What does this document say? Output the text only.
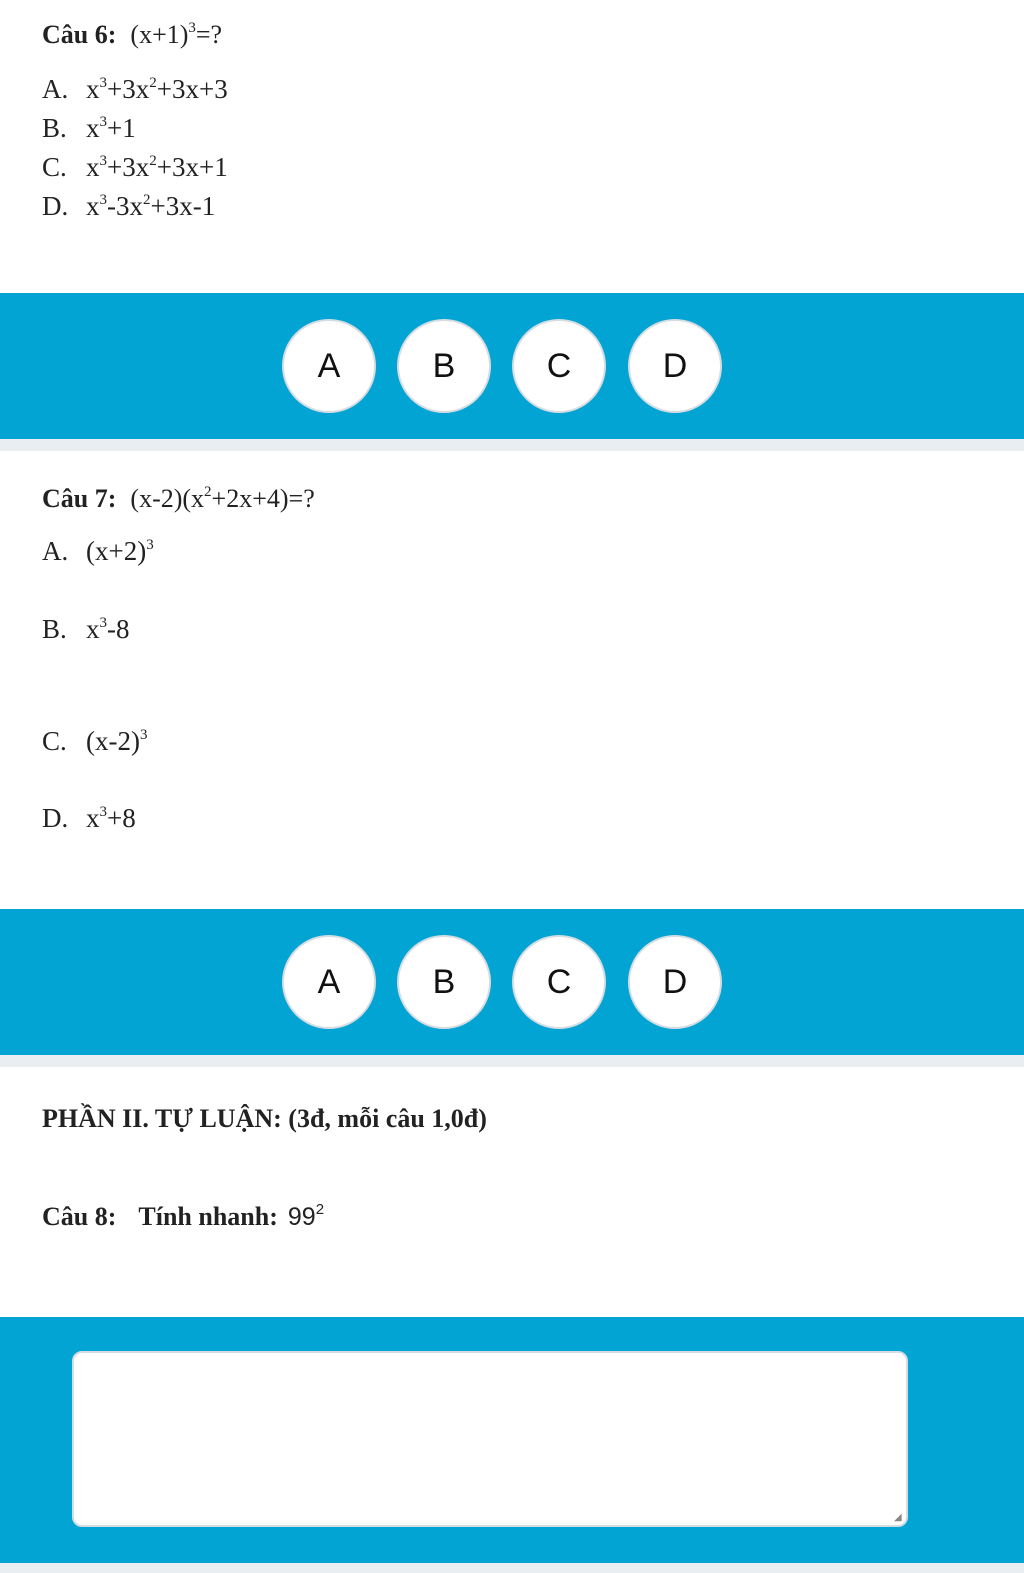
Câu 6: $(x+1)^3=$?
A. $x^3+3x^2+3x+3$
B. $x^3+1$
C. $x^3+3x^2+3x+1$
D. $x^3-3x^2+3x-1$
A	B	C	D
Câu 7: $(x-2)(x^2+2x+4)=$?
A. $(x+2)^3$
B. $x^3-8$
C. $(x-2)^3$
D. $x^3+8$
A	B	C	D
PHẦN II. TỰ LUẬN: (3đ, mỗi câu 1,0đ)
Câu 8: Tính nhanh: $99^2$
◢
